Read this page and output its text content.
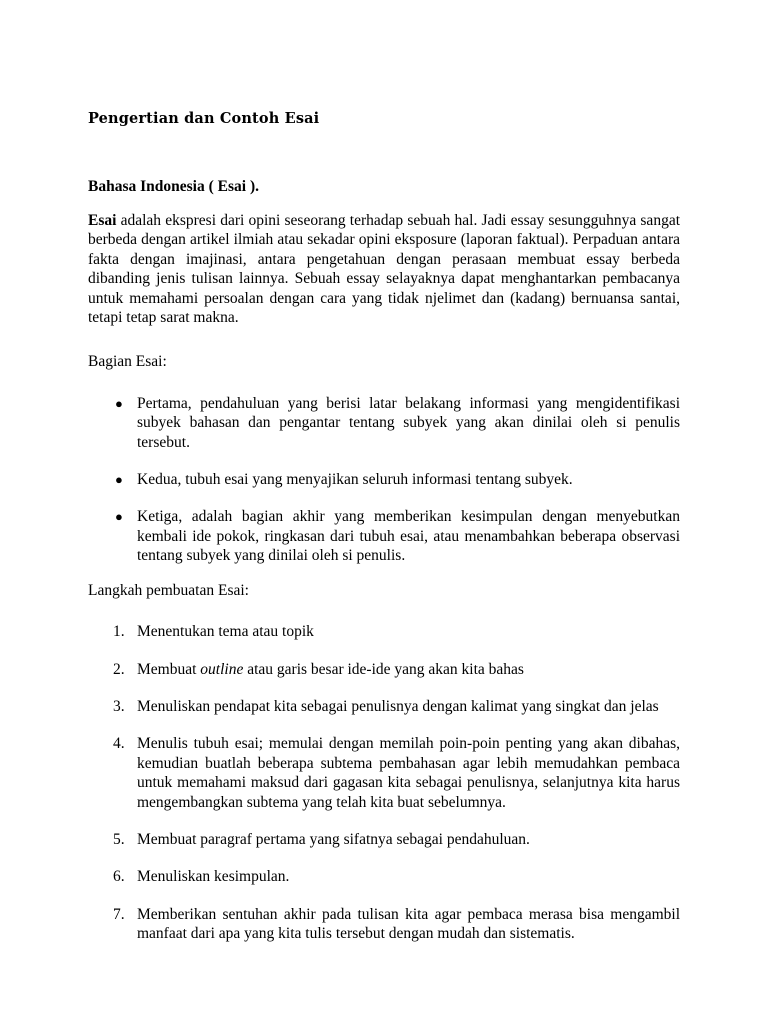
Pengertian dan Contoh Esai

Bahasa Indonesia ( Esai ).

Esai adalah ekspresi dari opini seseorang terhadap sebuah hal. Jadi essay sesungguhnya sangat berbeda dengan artikel ilmiah atau sekadar opini eksposure (laporan faktual). Perpaduan antara fakta dengan imajinasi, antara pengetahuan dengan perasaan membuat essay berbeda dibanding jenis tulisan lainnya. Sebuah essay selayaknya dapat menghantarkan pembacanya untuk memahami persoalan dengan cara yang tidak njelimet dan (kadang) bernuansa santai, tetapi tetap sarat makna.

Bagian Esai:

● Pertama, pendahuluan yang berisi latar belakang informasi yang mengidentifikasi subyek bahasan dan pengantar tentang subyek yang akan dinilai oleh si penulis tersebut.
● Kedua, tubuh esai yang menyajikan seluruh informasi tentang subyek.
● Ketiga, adalah bagian akhir yang memberikan kesimpulan dengan menyebutkan kembali ide pokok, ringkasan dari tubuh esai, atau menambahkan beberapa observasi tentang subyek yang dinilai oleh si penulis.

Langkah pembuatan Esai:

1. Menentukan tema atau topik
2. Membuat outline atau garis besar ide-ide yang akan kita bahas
3. Menuliskan pendapat kita sebagai penulisnya dengan kalimat yang singkat dan jelas
4. Menulis tubuh esai; memulai dengan memilah poin-poin penting yang akan dibahas, kemudian buatlah beberapa subtema pembahasan agar lebih memudahkan pembaca untuk memahami maksud dari gagasan kita sebagai penulisnya, selanjutnya kita harus mengembangkan subtema yang telah kita buat sebelumnya.
5. Membuat paragraf pertama yang sifatnya sebagai pendahuluan.
6. Menuliskan kesimpulan.
7. Memberikan sentuhan akhir pada tulisan kita agar pembaca merasa bisa mengambil manfaat dari apa yang kita tulis tersebut dengan mudah dan sistematis.
